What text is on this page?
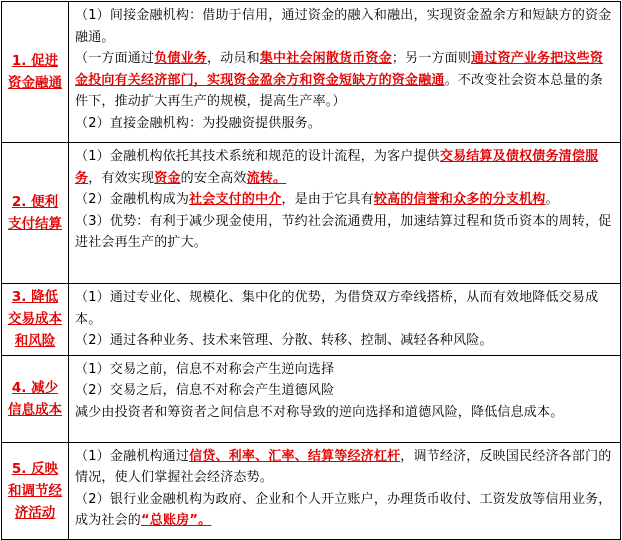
1. 促进资金融通	（1）间接金融机构：借助于信用，通过资金的融入和融出，实现资金盈余方和短缺方的资金融通。

（一方面通过负债业务，动员和集中社会闲散货币资金；另一方面则通过资产业务把这些资金投向有关经济部门，实现资金盈余方和资金短缺方的资金融通。不改变社会资本总量的条件下，推动扩大再生产的规模，提高生产率。）

（2）直接金融机构：为投融资提供服务。

2. 便利支付结算	（1）金融机构依托其技术系统和规范的设计流程，为客户提供交易结算及债权债务清偿服务，有效实现资金的安全高效流转。

（2）金融机构成为社会支付的中介，是由于它具有较高的信誉和众多的分支机构。

（3）优势：有利于减少现金使用，节约社会流通费用，加速结算过程和货币资本的周转，促进社会再生产的扩大。

3. 降低交易成本和风险	（1）通过专业化、规模化、集中化的优势，为借贷双方牵线搭桥，从而有效地降低交易成本。

（2）通过各种业务、技术来管理、分散、转移、控制、减轻各种风险。

4. 减少信息成本	（1）交易之前，信息不对称会产生逆向选择

（2）交易之后，信息不对称会产生道德风险

减少由投资者和筹资者之间信息不对称导致的逆向选择和道德风险，降低信息成本。

5. 反映和调节经济活动	（1）金融机构通过信贷、利率、汇率、结算等经济杠杆，调节经济，反映国民经济各部门的情况，使人们掌握社会经济态势。

（2）银行业金融机构为政府、企业和个人开立账户，办理货币收付、工资发放等信用业务，成为社会的“总账房”。
